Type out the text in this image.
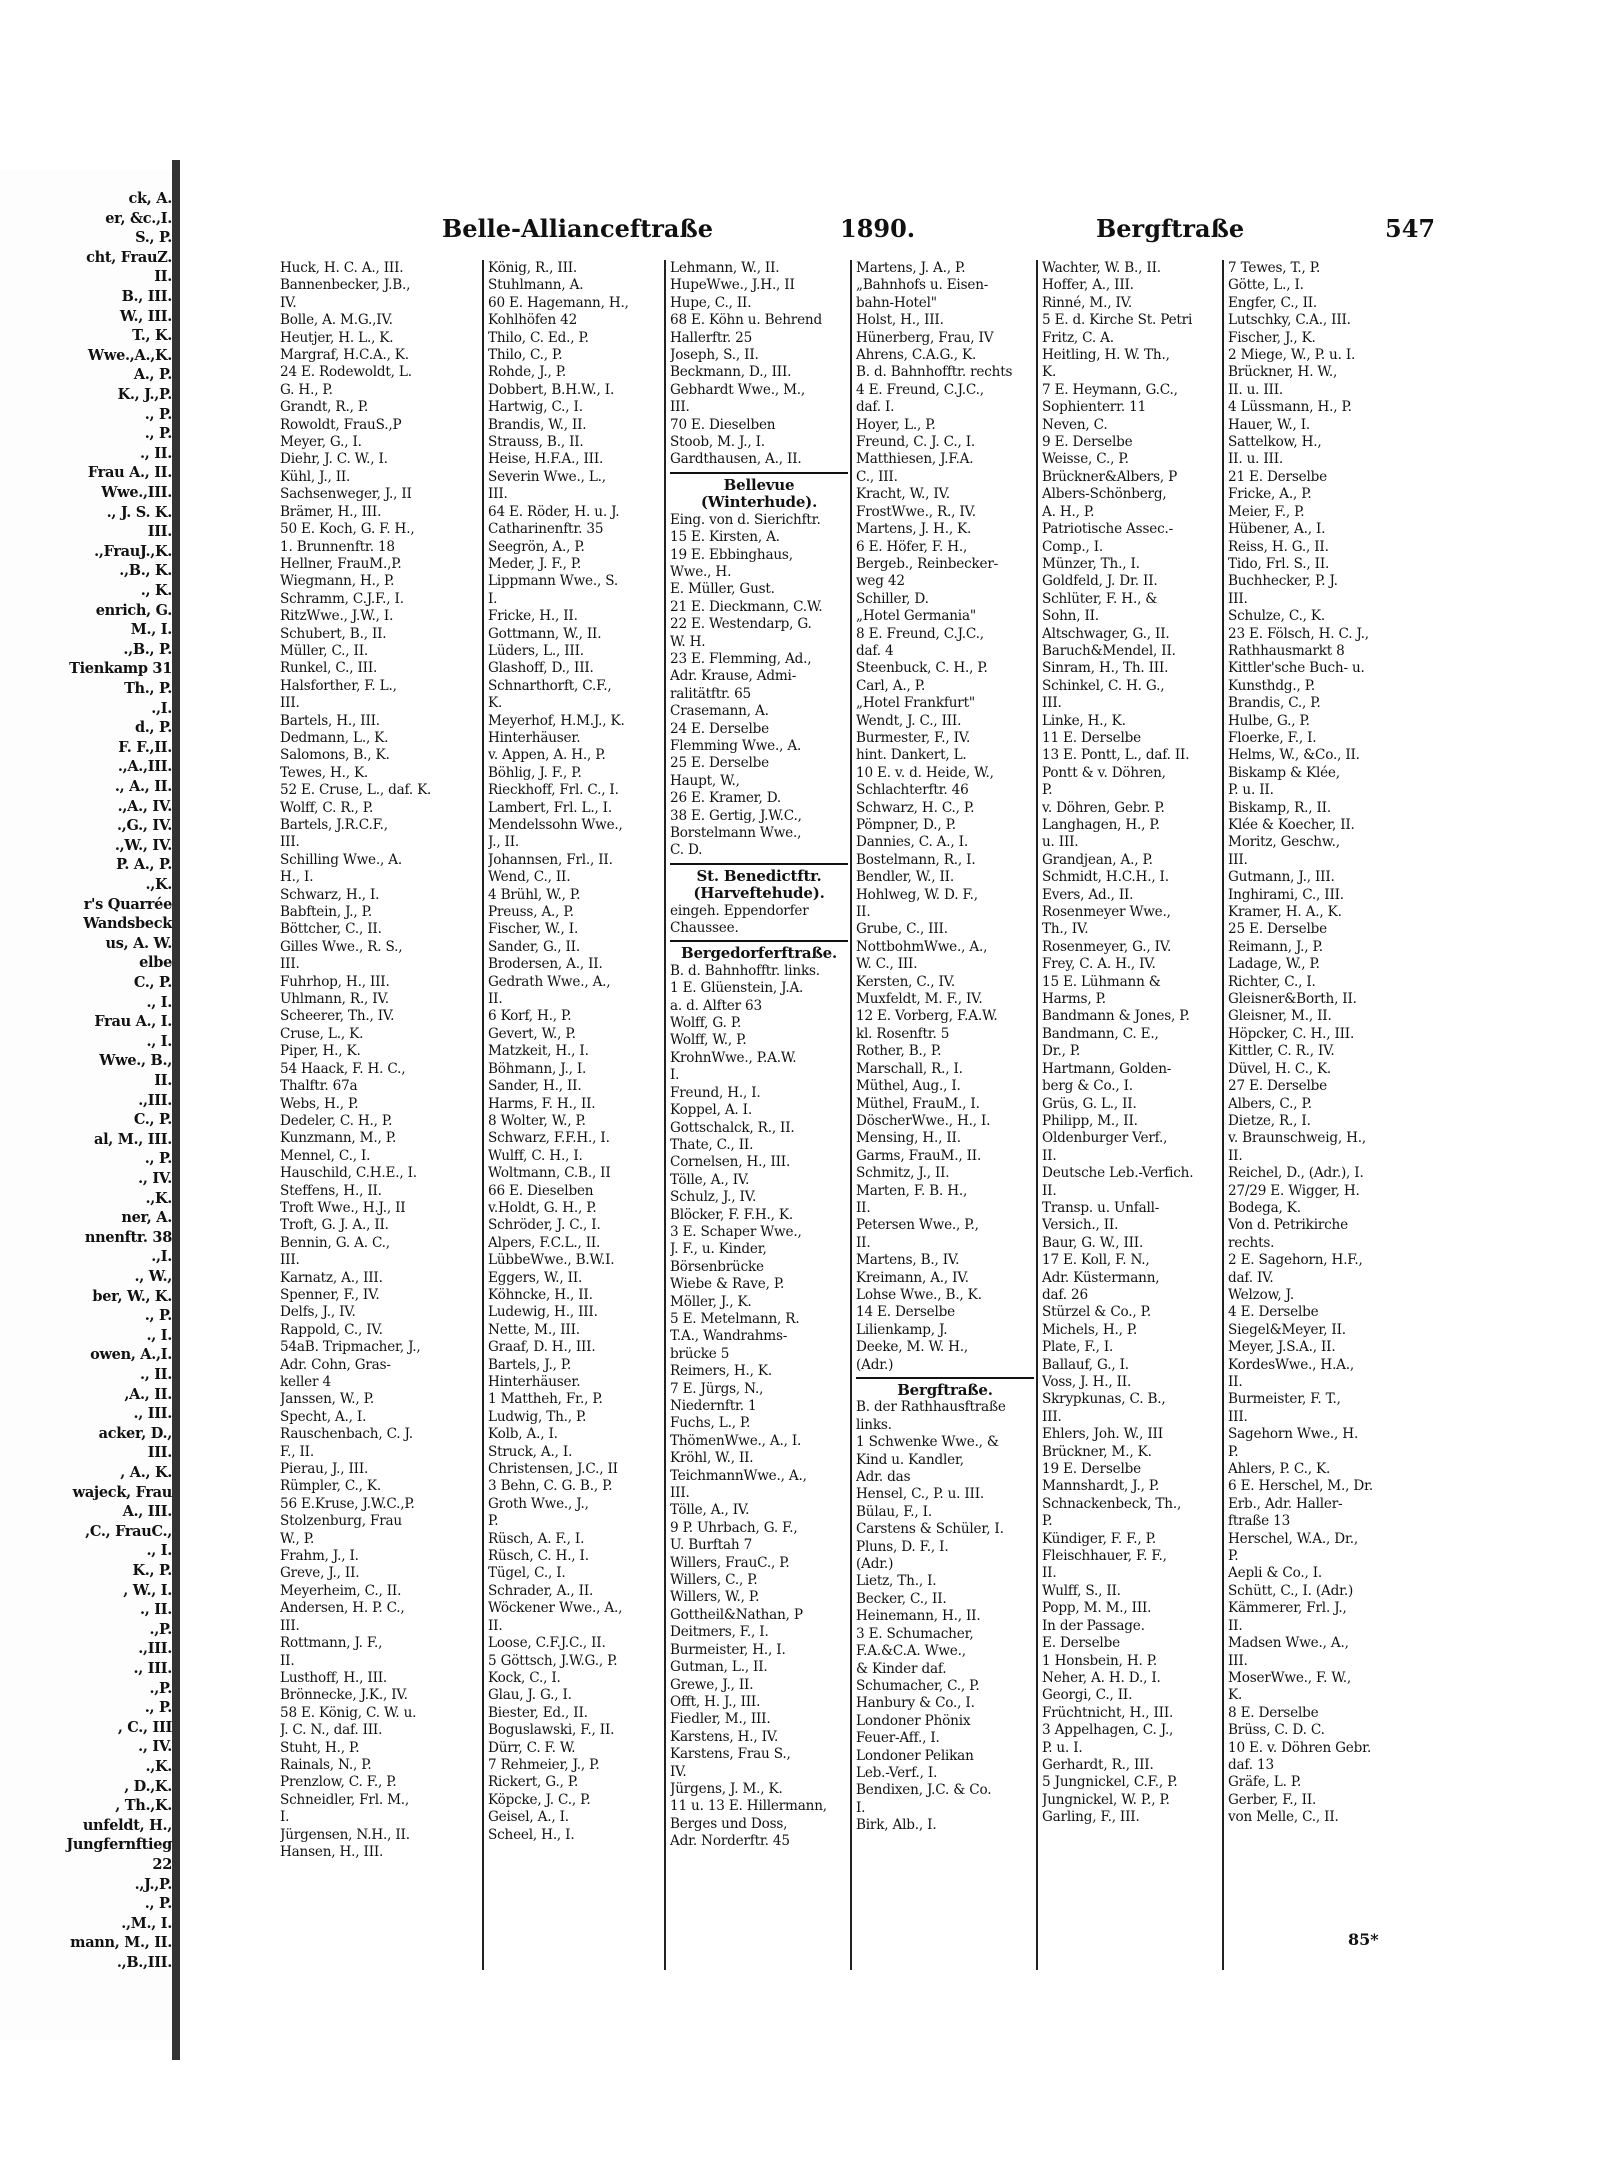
ck, A.
er, &c.,I.
S., P.
cht, FrauZ.
II.
B., III.
W., III.
T., K.
Wwe.,A.,K.
A., P.
K., J.,P.
., P.
., P.
., II.
Frau A., II.
Wwe.,III.
., J. S. K.
III.
.,FrauJ.,K.
.,B., K.
., K.
enrich, G.
M., I.
.,B., P.
Tienkamp 31
Th., P.
.,I.
d., P.
F. F.,II.
.,A.,III.
., A., II.
.,A., IV.
.,G., IV.
.,W., IV.
P. A., P.
.,K.
r's Quarrée
Wandsbeck
us, A. W.
elbe
C., P.
., I.
Frau A., I.
., I.
Wwe., B.,
II.
.,III.
C., P.
al, M., III.
., P.
., IV.
.,K.
ner, A.
nnenftr. 38
.,I.
., W.,
ber, W., K.
., P.
., I.
owen, A.,I.
., II.
,A., II.
., III.
acker, D.,
III.
, A., K.
wajeck, Frau
A., III.
,C., FrauC.,
., I.
K., P.
, W., I.
., II.
.,P.
.,III.
., III.
.,P.
., P.
, C., III
., IV.
.,K.
, D.,K.
, Th.,K.
unfeldt, H.,
Jungfernftieg
22
.,J.,P.
., P.
.,M., I.
mann, M., II.
.,B.,III.
Belle-Allianceftraße	1890.	Bergftraße	547
Huck, H. C. A., III.
Bannenbecker, J.B.,
IV.
Bolle, A. M.G.,IV.
Heutjer, H. L., K.
Margraf, H.C.A., K.
24 E. Rodewoldt, L.
G. H., P.
Grandt, R., P.
Rowoldt, FrauS.,P
Meyer, G., I.
Diehr, J. C. W., I.
Kühl, J., II.
Sachsenweger, J., II
Brämer, H., III.
50 E. Koch, G. F. H.,
1. Brunnenftr. 18
Hellner, FrauM.,P.
Wiegmann, H., P.
Schramm, C.J.F., I.
RitzWwe., J.W., I.
Schubert, B., II.
Müller, C., II.
Runkel, C., III.
Halsforther, F. L.,
III.
Bartels, H., III.
Dedmann, L., K.
Salomons, B., K.
Tewes, H., K.
52 E. Cruse, L., daf. K.
Wolff, C. R., P.
Bartels, J.R.C.F.,
III.
Schilling Wwe., A.
H., I.
Schwarz, H., I.
Babftein, J., P.
Böttcher, C., II.
Gilles Wwe., R. S.,
III.
Fuhrhop, H., III.
Uhlmann, R., IV.
Scheerer, Th., IV.
Cruse, L., K.
Piper, H., K.
54 Haack, F. H. C.,
Thalftr. 67a
Webs, H., P.
Dedeler, C. H., P.
Kunzmann, M., P.
Mennel, C., I.
Hauschild, C.H.E., I.
Steffens, H., II.
Troft Wwe., H.J., II
Troft, G. J. A., II.
Bennin, G. A. C.,
III.
Karnatz, A., III.
Spenner, F., IV.
Delfs, J., IV.
Rappold, C., IV.
54aB. Tripmacher, J.,
Adr. Cohn, Gras-
keller 4
Janssen, W., P.
Specht, A., I.
Rauschenbach, C. J.
F., II.
Pierau, J., III.
Rümpler, C., K.
56 E.Kruse, J.W.C.,P.
Stolzenburg, Frau
W., P.
Frahm, J., I.
Greve, J., II.
Meyerheim, C., II.
Andersen, H. P. C.,
III.
Rottmann, J. F.,
II.
Lusthoff, H., III.
Brönnecke, J.K., IV.
58 E. König, C. W. u.
J. C. N., daf. III.
Stuht, H., P.
Rainals, N., P.
Prenzlow, C. F., P.
Schneidler, Frl. M.,
I.
Jürgensen, N.H., II.
Hansen, H., III.
König, R., III.
Stuhlmann, A.
60 E. Hagemann, H.,
Kohlhöfen 42
Thilo, C. Ed., P.
Thilo, C., P.
Rohde, J., P.
Dobbert, B.H.W., I.
Hartwig, C., I.
Brandis, W., II.
Strauss, B., II.
Heise, H.F.A., III.
Severin Wwe., L.,
III.
64 E. Röder, H. u. J.
Catharinenftr. 35
Seegrön, A., P.
Meder, J. F., P.
Lippmann Wwe., S.
I.
Fricke, H., II.
Gottmann, W., II.
Lüders, L., III.
Glashoff, D., III.
Schnarthorft, C.F.,
K.
Meyerhof, H.M.J., K.
Hinterhäuser.
v. Appen, A. H., P.
Böhlig, J. F., P.
Rieckhoff, Frl. C., I.
Lambert, Frl. L., I.
Mendelssohn Wwe.,
J., II.
Johannsen, Frl., II.
Wend, C., II.
4 Brühl, W., P.
Preuss, A., P.
Fischer, W., I.
Sander, G., II.
Brodersen, A., II.
Gedrath Wwe., A.,
II.
6 Korf, H., P.
Gevert, W., P.
Matzkeit, H., I.
Böhmann, J., I.
Sander, H., II.
Harms, F. H., II.
8 Wolter, W., P.
Schwarz, F.F.H., I.
Wulff, C. H., I.
Woltmann, C.B., II
66 E. Dieselben
v.Holdt, G. H., P.
Schröder, J. C., I.
Alpers, F.C.L., II.
LübbeWwe., B.W.I.
Eggers, W., II.
Köhncke, H., II.
Ludewig, H., III.
Nette, M., III.
Graaf, D. H., III.
Bartels, J., P.
Hinterhäuser.
1 Mattheh, Fr., P.
Ludwig, Th., P.
Kolb, A., I.
Struck, A., I.
Christensen, J.C., II
3 Behn, C. G. B., P.
Groth Wwe., J.,
P.
Rüsch, A. F., I.
Rüsch, C. H., I.
Tügel, C., I.
Schrader, A., II.
Wöckener Wwe., A.,
II.
Loose, C.F.J.C., II.
5 Göttsch, J.W.G., P.
Kock, C., I.
Glau, J. G., I.
Biester, Ed., II.
Boguslawski, F., II.
Dürr, C. F. W.
7 Rehmeier, J., P.
Rickert, G., P.
Köpcke, J. C., P.
Geisel, A., I.
Scheel, H., I.
Lehmann, W., II.
HupeWwe., J.H., II
Hupe, C., II.
68 E. Köhn u. Behrend
Hallerftr. 25
Joseph, S., II.
Beckmann, D., III.
Gebhardt Wwe., M.,
III.
70 E. Dieselben
Stoob, M. J., I.
Gardthausen, A., II.
Bellevue
(Winterhude).
Eing. von d. Sierichftr.
15 E. Kirsten, A.
19 E. Ebbinghaus,
Wwe., H.
E. Müller, Gust.
21 E. Dieckmann, C.W.
22 E. Westendarp, G.
W. H.
23 E. Flemming, Ad.,
Adr. Krause, Admi-
ralitätftr. 65
Crasemann, A.
24 E. Derselbe
Flemming Wwe., A.
25 E. Derselbe
Haupt, W.,
26 E. Kramer, D.
38 E. Gertig, J.W.C.,
Borstelmann Wwe.,
C. D.
St. Benedictftr.
(Harveftehude).
eingeh. Eppendorfer
Chaussee.
Bergedorferftraße.
B. d. Bahnhofftr. links.
1 E. Glüenstein, J.A.
a. d. Alfter 63
Wolff, G. P.
Wolff, W., P.
KrohnWwe., P.A.W.
I.
Freund, H., I.
Koppel, A. I.
Gottschalck, R., II.
Thate, C., II.
Cornelsen, H., III.
Tölle, A., IV.
Schulz, J., IV.
Blöcker, F. F.H., K.
3 E. Schaper Wwe.,
J. F., u. Kinder,
Börsenbrücke
Wiebe & Rave, P.
Möller, J., K.
5 E. Metelmann, R.
T.A., Wandrahms-
brücke 5
Reimers, H., K.
7 E. Jürgs, N.,
Niedernftr. 1
Fuchs, L., P.
ThömenWwe., A., I.
Kröhl, W., II.
TeichmannWwe., A.,
III.
Tölle, A., IV.
9 P. Uhrbach, G. F.,
U. Burftah 7
Willers, FrauC., P.
Willers, C., P.
Willers, W., P.
Gottheil&Nathan, P
Deitmers, F., I.
Burmeister, H., I.
Gutman, L., II.
Grewe, J., II.
Offt, H. J., III.
Fiedler, M., III.
Karstens, H., IV.
Karstens, Frau S.,
IV.
Jürgens, J. M., K.
11 u. 13 E. Hillermann,
Berges und Doss,
Adr. Norderftr. 45
Martens, J. A., P.
„Bahnhofs u. Eisen-
bahn-Hotel"
Holst, H., III.
Hünerberg, Frau, IV
Ahrens, C.A.G., K.
B. d. Bahnhofftr. rechts
4 E. Freund, C.J.C.,
daf. I.
Hoyer, L., P.
Freund, C. J. C., I.
Matthiesen, J.F.A.
C., III.
Kracht, W., IV.
FrostWwe., R., IV.
Martens, J. H., K.
6 E. Höfer, F. H.,
Bergeb., Reinbecker-
weg 42
Schiller, D.
„Hotel Germania"
8 E. Freund, C.J.C.,
daf. 4
Steenbuck, C. H., P.
Carl, A., P.
„Hotel Frankfurt"
Wendt, J. C., III.
Burmester, F., IV.
hint. Dankert, L.
10 E. v. d. Heide, W.,
Schlachterftr. 46
Schwarz, H. C., P.
Pömpner, D., P.
Dannies, C. A., I.
Bostelmann, R., I.
Bendler, W., II.
Hohlweg, W. D. F.,
II.
Grube, C., III.
NottbohmWwe., A.,
W. C., III.
Kersten, C., IV.
Muxfeldt, M. F., IV.
12 E. Vorberg, F.A.W.
kl. Rosenftr. 5
Rother, B., P.
Marschall, R., I.
Müthel, Aug., I.
Müthel, FrauM., I.
DöscherWwe., H., I.
Mensing, H., II.
Garms, FrauM., II.
Schmitz, J., II.
Marten, F. B. H.,
II.
Petersen Wwe., P.,
II.
Martens, B., IV.
Kreimann, A., IV.
Lohse Wwe., B., K.
14 E. Derselbe
Lilienkamp, J.
Deeke, M. W. H.,
(Adr.)
Bergftraße.
B. der Rathhausftraße
links.
1 Schwenke Wwe., &
Kind u. Kandler,
Adr. das
Hensel, C., P. u. III.
Bülau, F., I.
Carstens & Schüler, I.
Pluns, D. F., I.
(Adr.)
Lietz, Th., I.
Becker, C., II.
Heinemann, H., II.
3 E. Schumacher,
F.A.&C.A. Wwe.,
& Kinder daf.
Schumacher, C., P.
Hanbury & Co., I.
Londoner Phönix
Feuer-Aff., I.
Londoner Pelikan
Leb.-Verf., I.
Bendixen, J.C. & Co.
I.
Birk, Alb., I.
Wachter, W. B., II.
Hoffer, A., III.
Rinné, M., IV.
5 E. d. Kirche St. Petri
Fritz, C. A.
Heitling, H. W. Th.,
K.
7 E. Heymann, G.C.,
Sophienterr. 11
Neven, C.
9 E. Derselbe
Weisse, C., P.
Brückner&Albers, P
Albers-Schönberg,
A. H., P.
Patriotische Assec.-
Comp., I.
Münzer, Th., I.
Goldfeld, J. Dr. II.
Schlüter, F. H., &
Sohn, II.
Altschwager, G., II.
Baruch&Mendel, II.
Sinram, H., Th. III.
Schinkel, C. H. G.,
III.
Linke, H., K.
11 E. Derselbe
13 E. Pontt, L., daf. II.
Pontt & v. Döhren,
P.
v. Döhren, Gebr. P.
Langhagen, H., P.
u. III.
Grandjean, A., P.
Schmidt, H.C.H., I.
Evers, Ad., II.
Rosenmeyer Wwe.,
Th., IV.
Rosenmeyer, G., IV.
Frey, C. A. H., IV.
15 E. Lühmann &
Harms, P.
Bandmann & Jones, P.
Bandmann, C. E.,
Dr., P.
Hartmann, Golden-
berg & Co., I.
Grüs, G. L., II.
Philipp, M., II.
Oldenburger Verf.,
II.
Deutsche Leb.-Verfich.
II.
Transp. u. Unfall-
Versich., II.
Baur, G. W., III.
17 E. Koll, F. N.,
Adr. Küstermann,
daf. 26
Stürzel & Co., P.
Michels, H., P.
Plate, F., I.
Ballauf, G., I.
Voss, J. H., II.
Skrypkunas, C. B.,
III.
Ehlers, Joh. W., III
Brückner, M., K.
19 E. Derselbe
Mannshardt, J., P.
Schnackenbeck, Th.,
P.
Kündiger, F. F., P.
Fleischhauer, F. F.,
II.
Wulff, S., II.
Popp, M. M., III.
In der Passage.
E. Derselbe
1 Honsbein, H. P.
Neher, A. H. D., I.
Georgi, C., II.
Früchtnicht, H., III.
3 Appelhagen, C. J.,
P. u. I.
Gerhardt, R., III.
5 Jungnickel, C.F., P.
Jungnickel, W. P., P.
Garling, F., III.
7 Tewes, T., P.
Götte, L., I.
Engfer, C., II.
Lutschky, C.A., III.
Fischer, J., K.
2 Miege, W., P. u. I.
Brückner, H. W.,
II. u. III.
4 Lüssmann, H., P.
Hauer, W., I.
Sattelkow, H.,
II. u. III.
21 E. Derselbe
Fricke, A., P.
Meier, F., P.
Hübener, A., I.
Reiss, H. G., II.
Tido, Frl. S., II.
Buchhecker, P. J.
III.
Schulze, C., K.
23 E. Fölsch, H. C. J.,
Rathhausmarkt 8
Kittler'sche Buch- u.
Kunsthdg., P.
Brandis, C., P.
Hulbe, G., P.
Floerke, F., I.
Helms, W., &Co., II.
Biskamp & Klée,
P. u. II.
Biskamp, R., II.
Klée & Koecher, II.
Moritz, Geschw.,
III.
Gutmann, J., III.
Inghirami, C., III.
Kramer, H. A., K.
25 E. Derselbe
Reimann, J., P.
Ladage, W., P.
Richter, C., I.
Gleisner&Borth, II.
Gleisner, M., II.
Höpcker, C. H., III.
Kittler, C. R., IV.
Düvel, H. C., K.
27 E. Derselbe
Albers, C., P.
Dietze, R., I.
v. Braunschweig, H.,
II.
Reichel, D., (Adr.), I.
27/29 E. Wigger, H.
Bodega, K.
Von d. Petrikirche
rechts.
2 E. Sagehorn, H.F.,
daf. IV.
Welzow, J.
4 E. Derselbe
Siegel&Meyer, II.
Meyer, J.S.A., II.
KordesWwe., H.A.,
II.
Burmeister, F. T.,
III.
Sagehorn Wwe., H.
P.
Ahlers, P. C., K.
6 E. Herschel, M., Dr.
Erb., Adr. Haller-
ftraße 13
Herschel, W.A., Dr.,
P.
Aepli & Co., I.
Schütt, C., I. (Adr.)
Kämmerer, Frl. J.,
II.
Madsen Wwe., A.,
III.
MoserWwe., F. W.,
K.
8 E. Derselbe
Brüss, C. D. C.
10 E. v. Döhren Gebr.
daf. 13
Gräfe, L. P.
Gerber, F., II.
von Melle, C., II.
85*
